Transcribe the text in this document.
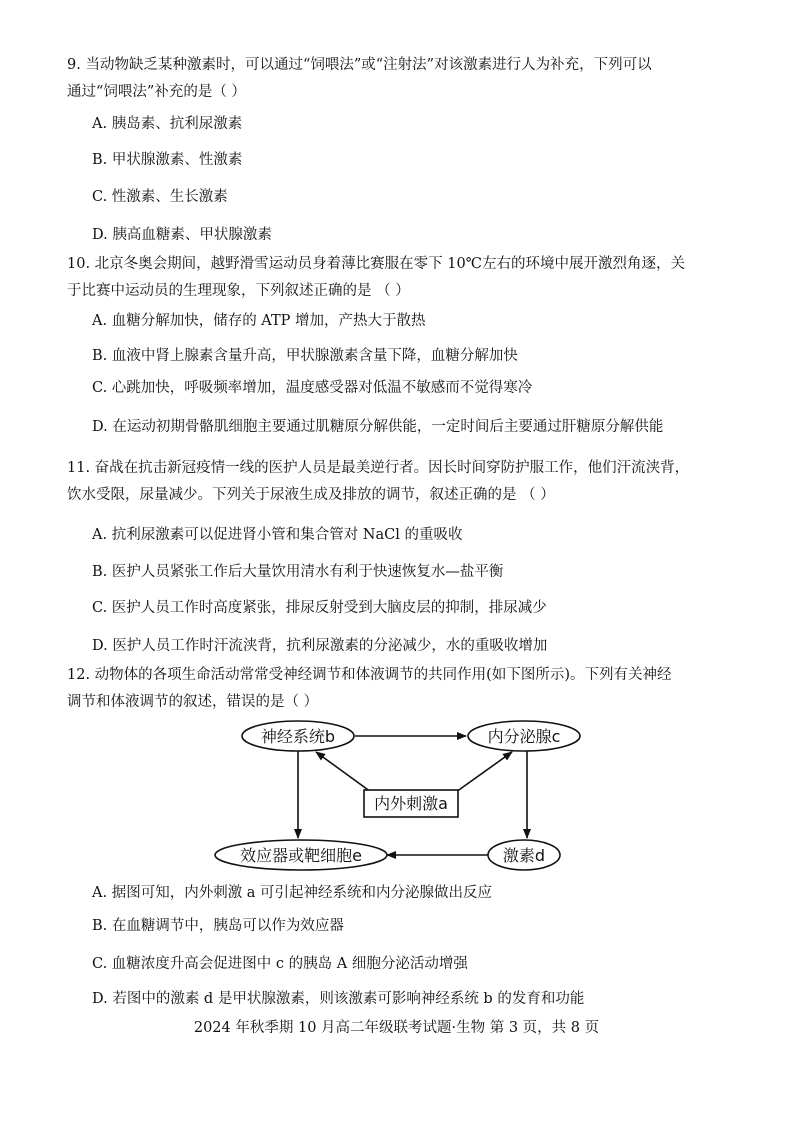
9. 当动物缺乏某种激素时，可以通过“饲喂法”或“注射法”对该激素进行人为补充，下列可以
通过“饲喂法”补充的是（ ）
A. 胰岛素、抗利尿激素
B. 甲状腺激素、性激素
C. 性激素、生长激素
D. 胰高血糖素、甲状腺激素
10. 北京冬奥会期间，越野滑雪运动员身着薄比赛服在零下 10℃左右的环境中展开激烈角逐，关
于比赛中运动员的生理现象，下列叙述正确的是 （ ）
A. 血糖分解加快，储存的 ATP 增加，产热大于散热
B. 血液中肾上腺素含量升高，甲状腺激素含量下降，血糖分解加快
C. 心跳加快，呼吸频率增加，温度感受器对低温不敏感而不觉得寒冷
D. 在运动初期骨骼肌细胞主要通过肌糖原分解供能，一定时间后主要通过肝糖原分解供能
11. 奋战在抗击新冠疫情一线的医护人员是最美逆行者。因长时间穿防护服工作，他们汗流浃背，
饮水受限，尿量减少。下列关于尿液生成及排放的调节，叙述正确的是 （ ）
A. 抗利尿激素可以促进肾小管和集合管对 NaCl 的重吸收
B. 医护人员紧张工作后大量饮用清水有利于快速恢复水—盐平衡
C. 医护人员工作时高度紧张，排尿反射受到大脑皮层的抑制，排尿减少
D. 医护人员工作时汗流浃背，抗利尿激素的分泌减少，水的重吸收增加
12. 动物体的各项生命活动常常受神经调节和体液调节的共同作用(如下图所示)。下列有关神经
调节和体液调节的叙述，错误的是（ ）
神经系统b	内分泌腺c
内外刺激a
效应器或靶细胞e	激素d
A. 据图可知，内外刺激 a 可引起神经系统和内分泌腺做出反应
B. 在血糖调节中，胰岛可以作为效应器
C. 血糖浓度升高会促进图中 c 的胰岛 A 细胞分泌活动增强
D. 若图中的激素 d 是甲状腺激素，则该激素可影响神经系统 b 的发育和功能
2024 年秋季期 10 月高二年级联考试题·生物 第 3 页，共 8 页
